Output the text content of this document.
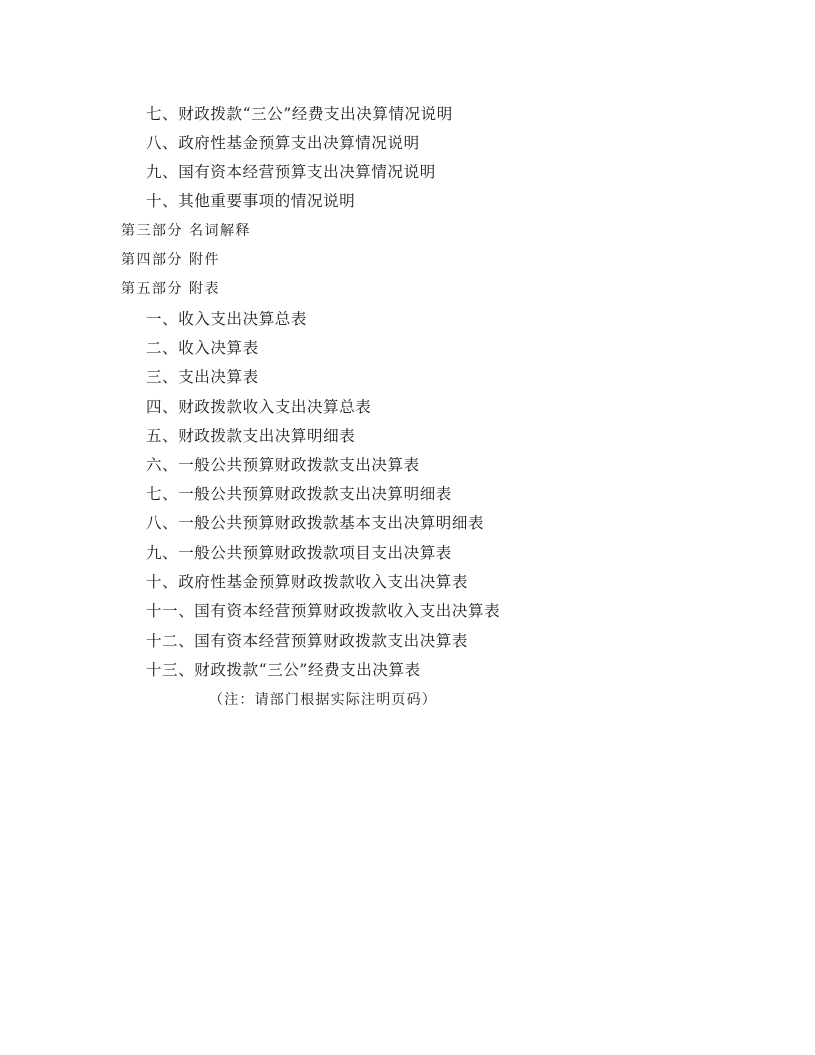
七、财政拨款“三公”经费支出决算情况说明
八、政府性基金预算支出决算情况说明
九、国有资本经营预算支出决算情况说明
十、其他重要事项的情况说明
第三部分 名词解释
第四部分 附件
第五部分 附表
一、收入支出决算总表
二、收入决算表
三、支出决算表
四、财政拨款收入支出决算总表
五、财政拨款支出决算明细表
六、一般公共预算财政拨款支出决算表
七、一般公共预算财政拨款支出决算明细表
八、一般公共预算财政拨款基本支出决算明细表
九、一般公共预算财政拨款项目支出决算表
十、政府性基金预算财政拨款收入支出决算表
十一、国有资本经营预算财政拨款收入支出决算表
十二、国有资本经营预算财政拨款支出决算表
十三、财政拨款“三公”经费支出决算表
（注：请部门根据实际注明页码）
